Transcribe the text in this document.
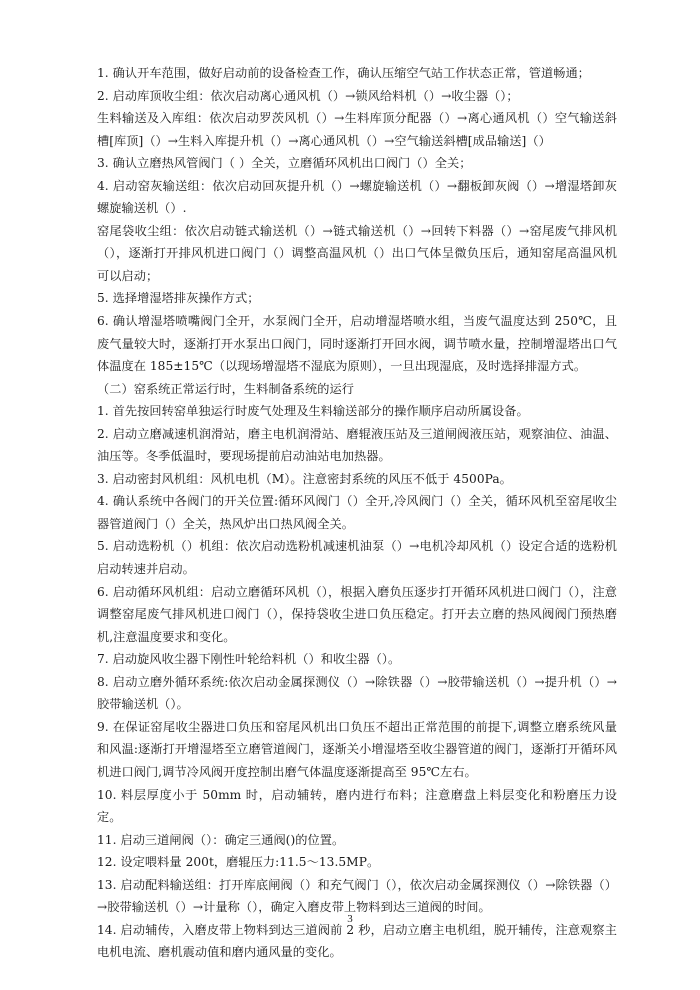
1. 确认开车范围，做好启动前的设备检查工作，确认压缩空气站工作状态正常，管道畅通；

2. 启动库顶收尘组：依次启动离心通风机（）→锁风给料机（）→收尘器（）；

生料输送及入库组：依次启动罗茨风机（）→生料库顶分配器（）→离心通风机（）空气输送斜槽[库顶]（）→生料入库提升机（）→离心通风机（）→空气输送斜槽[成品输送]（）

3. 确认立磨热风管阀门（ ）全关，立磨循环风机出口阀门（）全关；

4. 启动窑灰输送组：依次启动回灰提升机（）→螺旋输送机（）→翻板卸灰阀（）→增湿塔卸灰螺旋输送机（）.

窑尾袋收尘组：依次启动链式输送机（）→链式输送机（）→回转下料器（）→窑尾废气排风机（），逐渐打开排风机进口阀门（）调整高温风机（）出口气体呈微负压后，通知窑尾高温风机可以启动；

5. 选择增湿塔排灰操作方式；

6. 确认增湿塔喷嘴阀门全开，水泵阀门全开，启动增湿塔喷水组，当废气温度达到 250℃，且废气量较大时，逐渐打开水泵出口阀门，同时逐渐打开回水阀，调节喷水量，控制增湿塔出口气体温度在 185±15℃（以现场增湿塔不湿底为原则），一旦出现湿底，及时选择排湿方式。

（二）窑系统正常运行时，生料制备系统的运行

1. 首先按回转窑单独运行时废气处理及生料输送部分的操作顺序启动所属设备。

2. 启动立磨减速机润滑站，磨主电机润滑站、磨辊液压站及三道闸阀液压站，观察油位、油温、油压等。冬季低温时，要现场提前启动油站电加热器。

3. 启动密封风机组：风机电机（M）。注意密封系统的风压不低于 4500Pa。

4. 确认系统中各阀门的开关位置:循环风阀门（）全开,冷风阀门（）全关，循环风机至窑尾收尘器管道阀门（）全关，热风炉出口热风阀全关。

5. 启动选粉机（）机组：依次启动选粉机减速机油泵（）→电机冷却风机（）设定合适的选粉机启动转速并启动。

6. 启动循环风机组：启动立磨循环风机（），根据入磨负压逐步打开循环风机进口阀门（），注意调整窑尾废气排风机进口阀门（），保持袋收尘进口负压稳定。打开去立磨的热风阀阀门预热磨机,注意温度要求和变化。

7. 启动旋风收尘器下刚性叶轮给料机（）和收尘器（）。

8. 启动立磨外循环系统:依次启动金属探测仪（）→除铁器（）→胶带输送机（）→提升机（）→胶带输送机（）。

9. 在保证窑尾收尘器进口负压和窑尾风机出口负压不超出正常范围的前提下,调整立磨系统风量和风温:逐渐打开增湿塔至立磨管道阀门，逐渐关小增湿塔至收尘器管道的阀门，逐渐打开循环风机进口阀门,调节冷风阀开度控制出磨气体温度逐渐提高至 95℃左右。

10. 料层厚度小于 50mm 时，启动辅转，磨内进行布料；注意磨盘上料层变化和粉磨压力设定。

11. 启动三道闸阀（）：确定三通阀()的位置。

12. 设定喂料量 200t，磨辊压力:11.5～13.5MP。

13. 启动配料输送组：打开库底闸阀（）和充气阀门（），依次启动金属探测仪（）→除铁器（）→胶带输送机（）→计量称（），确定入磨皮带上物料到达三道阀的时间。

14. 启动辅传，入磨皮带上物料到达三道阀前 2 秒，启动立磨主电机组，脱开辅传，注意观察主电机电流、磨机震动值和磨内通风量的变化。

3
